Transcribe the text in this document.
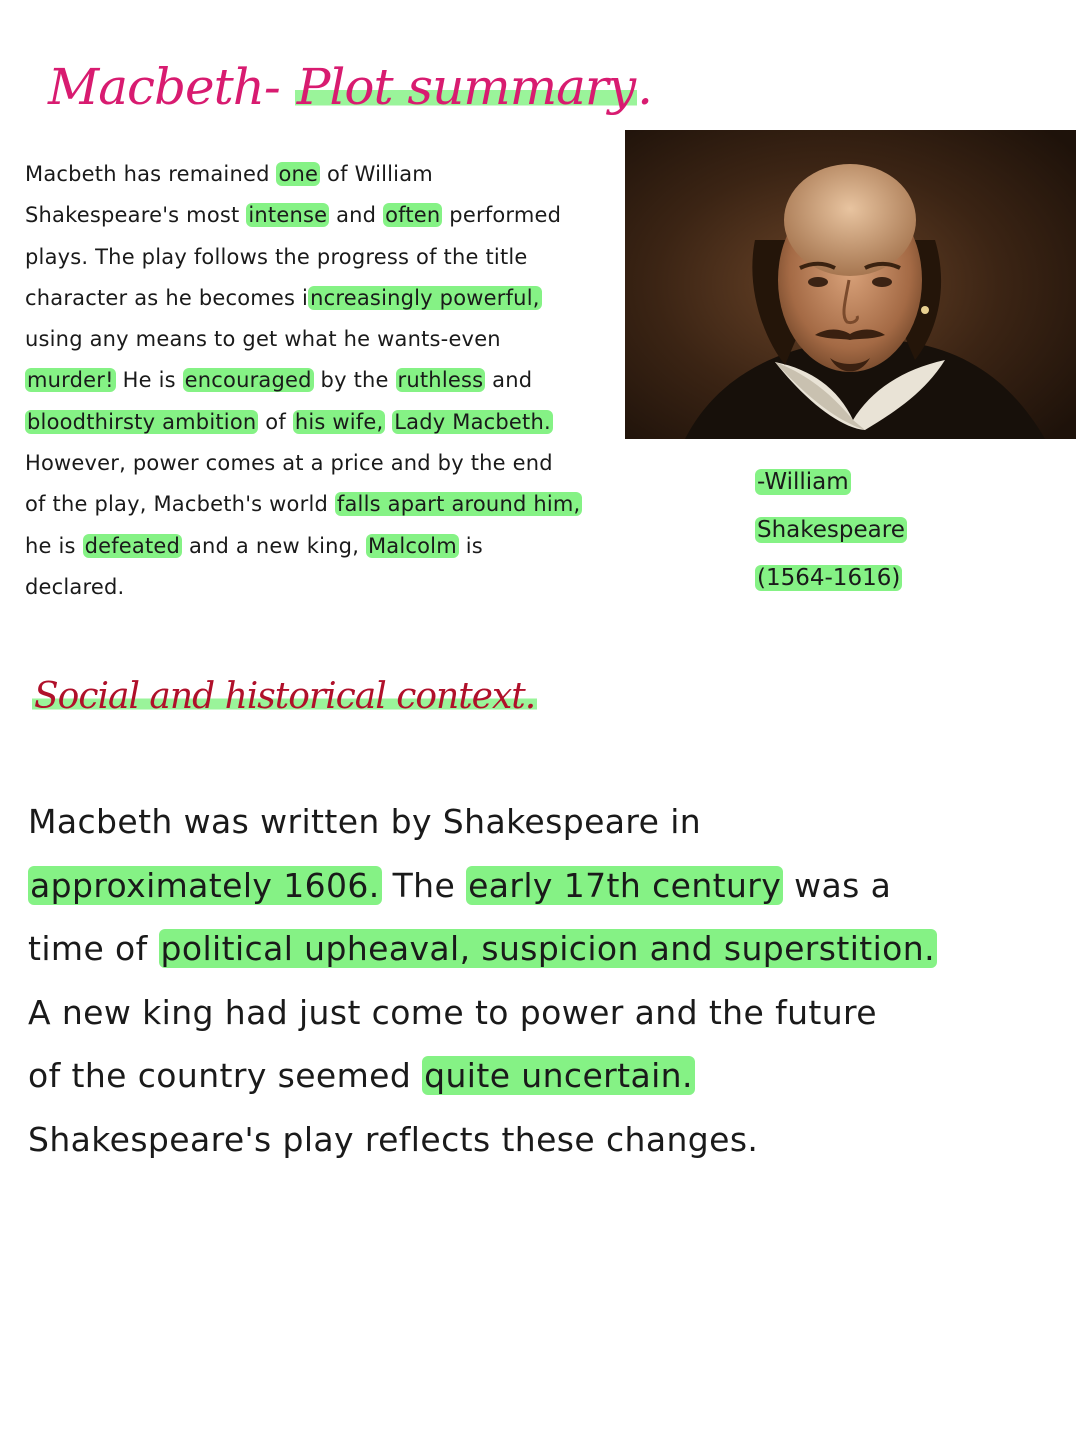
Macbeth- Plot summary.
Macbeth has remained one of William
Shakespeare's most intense and often performed
plays. The play follows the progress of the title
character as he becomes increasingly powerful,
using any means to get what he wants-even
murder! He is encouraged by the ruthless and
bloodthirsty ambition of his wife, Lady Macbeth.
However, power comes at a price and by the end
of the play, Macbeth's world falls apart around him,
he is defeated and a new king, Malcolm is
declared.
-William
Shakespeare
(1564-1616)
Social and historical context.
Macbeth was written by Shakespeare in
approximately 1606. The early 17th century was a
time of political upheaval, suspicion and superstition.
A new king had just come to power and the future
of the country seemed quite uncertain.
Shakespeare's play reflects these changes.
